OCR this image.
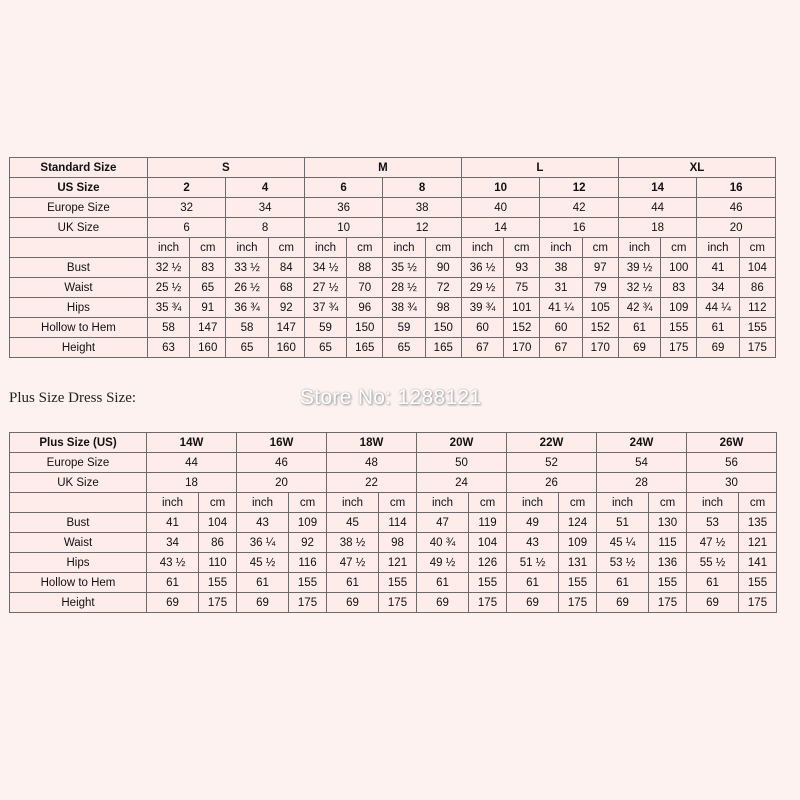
Standard Size	S				M				L				XL			
US Size	2		4		6		8		10		12		14		16	
Europe Size	32		34		36		38		40		42		44		46	
UK Size	6		8		10		12		14		16		18		20	
	inch	cm	inch	cm	inch	cm	inch	cm	inch	cm	inch	cm	inch	cm	inch	cm
Bust	32 ½	83	33 ½	84	34 ½	88	35 ½	90	36 ½	93	38	97	39 ½	100	41	104
Waist	25 ½	65	26 ½	68	27 ½	70	28 ½	72	29 ½	75	31	79	32 ½	83	34	86
Hips	35 ¾	91	36 ¾	92	37 ¾	96	38 ¾	98	39 ¾	101	41 ¼	105	42 ¾	109	44 ¼	112
Hollow to Hem	58	147	58	147	59	150	59	150	60	152	60	152	61	155	61	155
Height	63	160	65	160	65	165	65	165	67	170	67	170	69	175	69	175
Plus Size Dress Size:	Store No: 1288121
Plus Size (US)	14W		16W		18W		20W		22W		24W		26W	
Europe Size	44		46		48		50		52		54		56	
UK Size	18		20		22		24		26		28		30	
	inch	cm	inch	cm	inch	cm	inch	cm	inch	cm	inch	cm	inch	cm
Bust	41	104	43	109	45	114	47	119	49	124	51	130	53	135
Waist	34	86	36 ¼	92	38 ½	98	40 ¾	104	43	109	45 ¼	115	47 ½	121
Hips	43 ½	110	45 ½	116	47 ½	121	49 ½	126	51 ½	131	53 ½	136	55 ½	141
Hollow to Hem	61	155	61	155	61	155	61	155	61	155	61	155	61	155
Height	69	175	69	175	69	175	69	175	69	175	69	175	69	175
